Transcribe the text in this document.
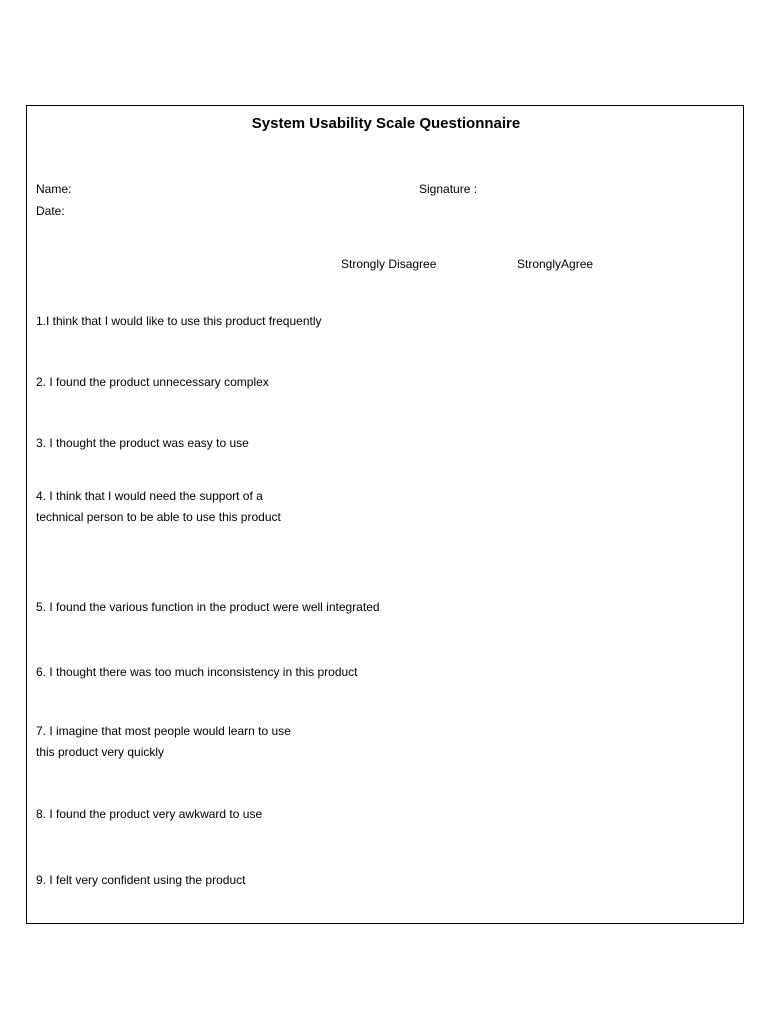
System Usability Scale Questionnaire
Name:	Signature :
Date:
Strongly Disagree	StronglyAgree
1.I think that I would like to use this product frequently
2. I found the product unnecessary complex
3. I thought the product was easy to use
4. I think that I would need the support of a
technical person to be able to use this product
5. I found the various function in the product were well integrated
6. I thought there was too much inconsistency in this product
7. I imagine that most people would learn to use
this product very quickly
8. I found the product very awkward to use
9. I felt very confident using the product
